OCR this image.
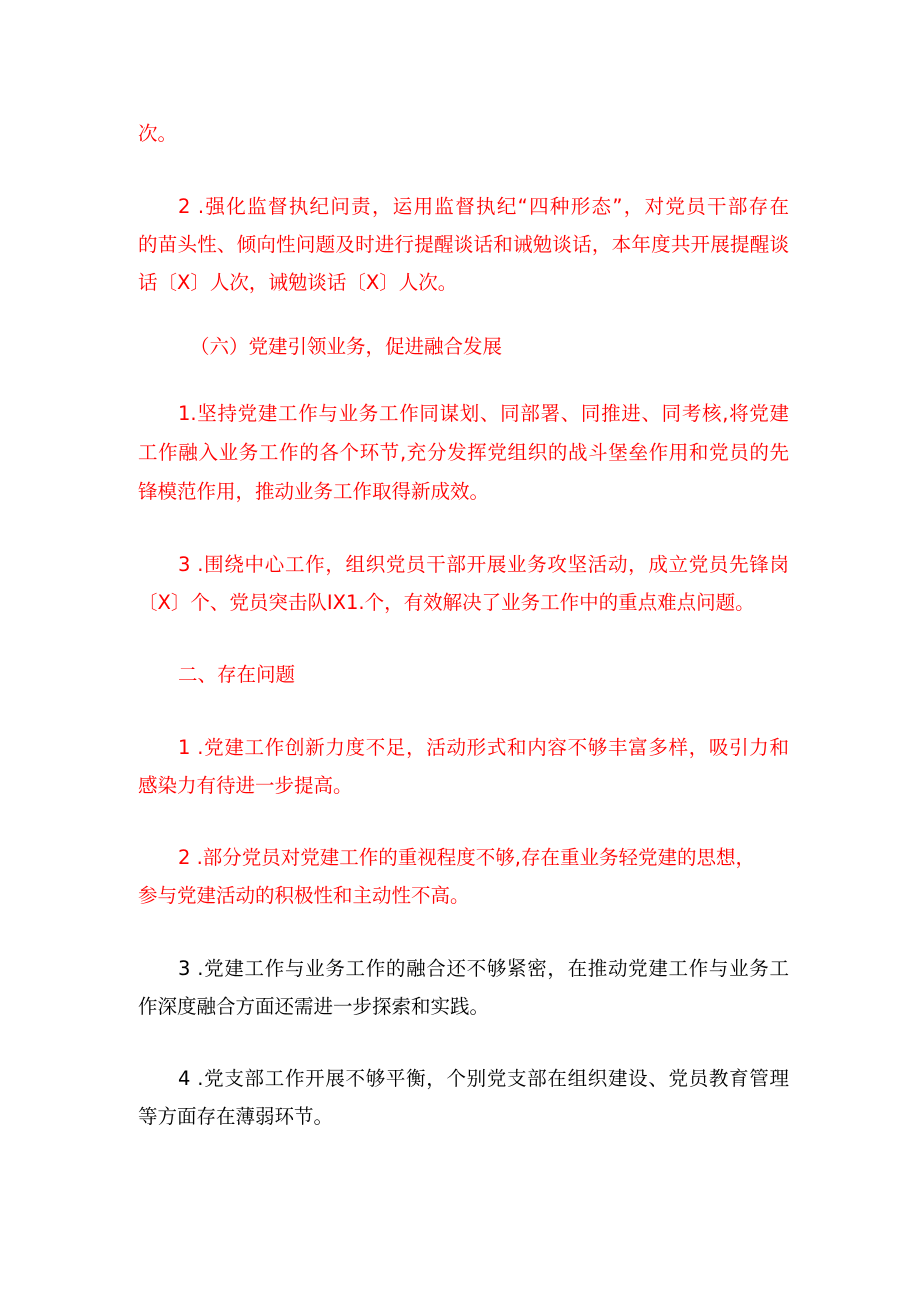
次。
2 .强化监督执纪问责，运用监督执纪“四种形态”，对党员干部存在
的苗头性、倾向性问题及时进行提醒谈话和诫勉谈话，本年度共开展提醒谈
话〔X〕人次，诫勉谈话〔X〕人次。
（六）党建引领业务，促进融合发展
1.坚持党建工作与业务工作同谋划、同部署、同推进、同考核,将党建
工作融入业务工作的各个环节,充分发挥党组织的战斗堡垒作用和党员的先
锋模范作用，推动业务工作取得新成效。
3 .围绕中心工作，组织党员干部开展业务攻坚活动，成立党员先锋岗
〔X〕个、党员突击队IX1.个，有效解决了业务工作中的重点难点问题。
二、存在问题
1 .党建工作创新力度不足，活动形式和内容不够丰富多样，吸引力和
感染力有待进一步提高。
2 .部分党员对党建工作的重视程度不够,存在重业务轻党建的思想，
参与党建活动的积极性和主动性不高。
3 .党建工作与业务工作的融合还不够紧密，在推动党建工作与业务工
作深度融合方面还需进一步探索和实践。
4 .党支部工作开展不够平衡，个别党支部在组织建设、党员教育管理
等方面存在薄弱环节。
